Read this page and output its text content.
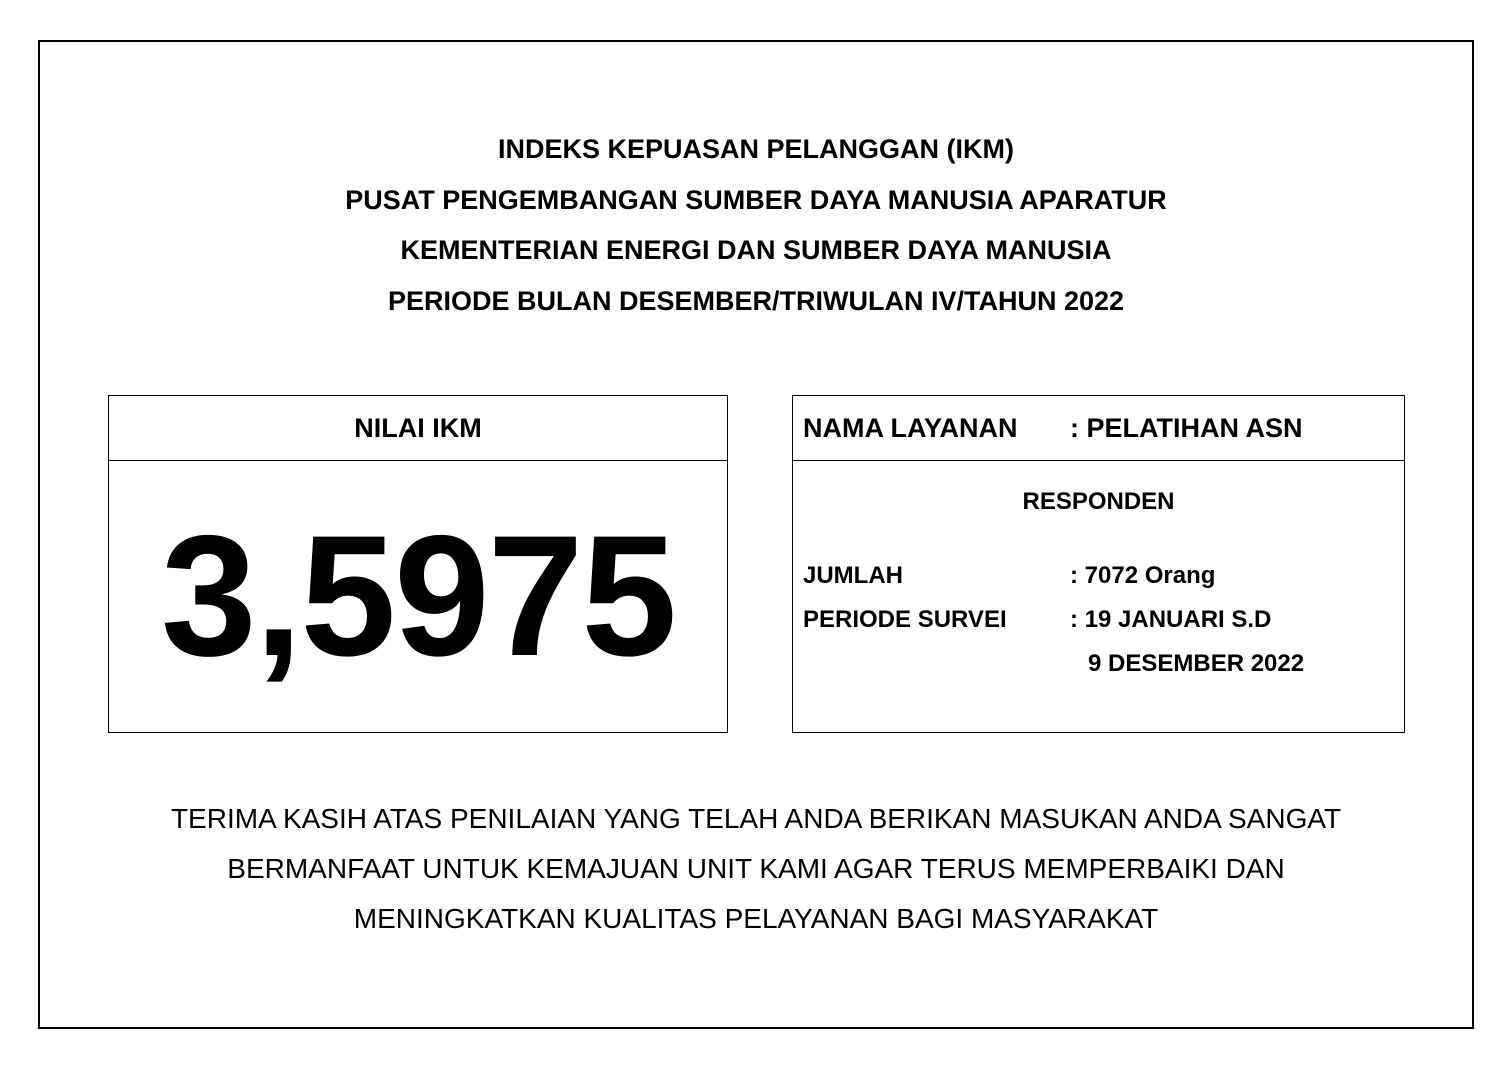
INDEKS KEPUASAN PELANGGAN (IKM)
PUSAT PENGEMBANGAN SUMBER DAYA MANUSIA APARATUR
KEMENTERIAN ENERGI DAN SUMBER DAYA MANUSIA
PERIODE BULAN DESEMBER/TRIWULAN IV/TAHUN 2022
NILAI IKM
3,5975
NAMA LAYANAN : PELATIHAN ASN
RESPONDEN
JUMLAH	: 7072 Orang
PERIODE SURVEI	: 19 JANUARI S.D
9 DESEMBER 2022
TERIMA KASIH ATAS PENILAIAN YANG TELAH ANDA BERIKAN MASUKAN ANDA SANGAT
BERMANFAAT UNTUK KEMAJUAN UNIT KAMI AGAR TERUS MEMPERBAIKI DAN
MENINGKATKAN KUALITAS PELAYANAN BAGI MASYARAKAT
